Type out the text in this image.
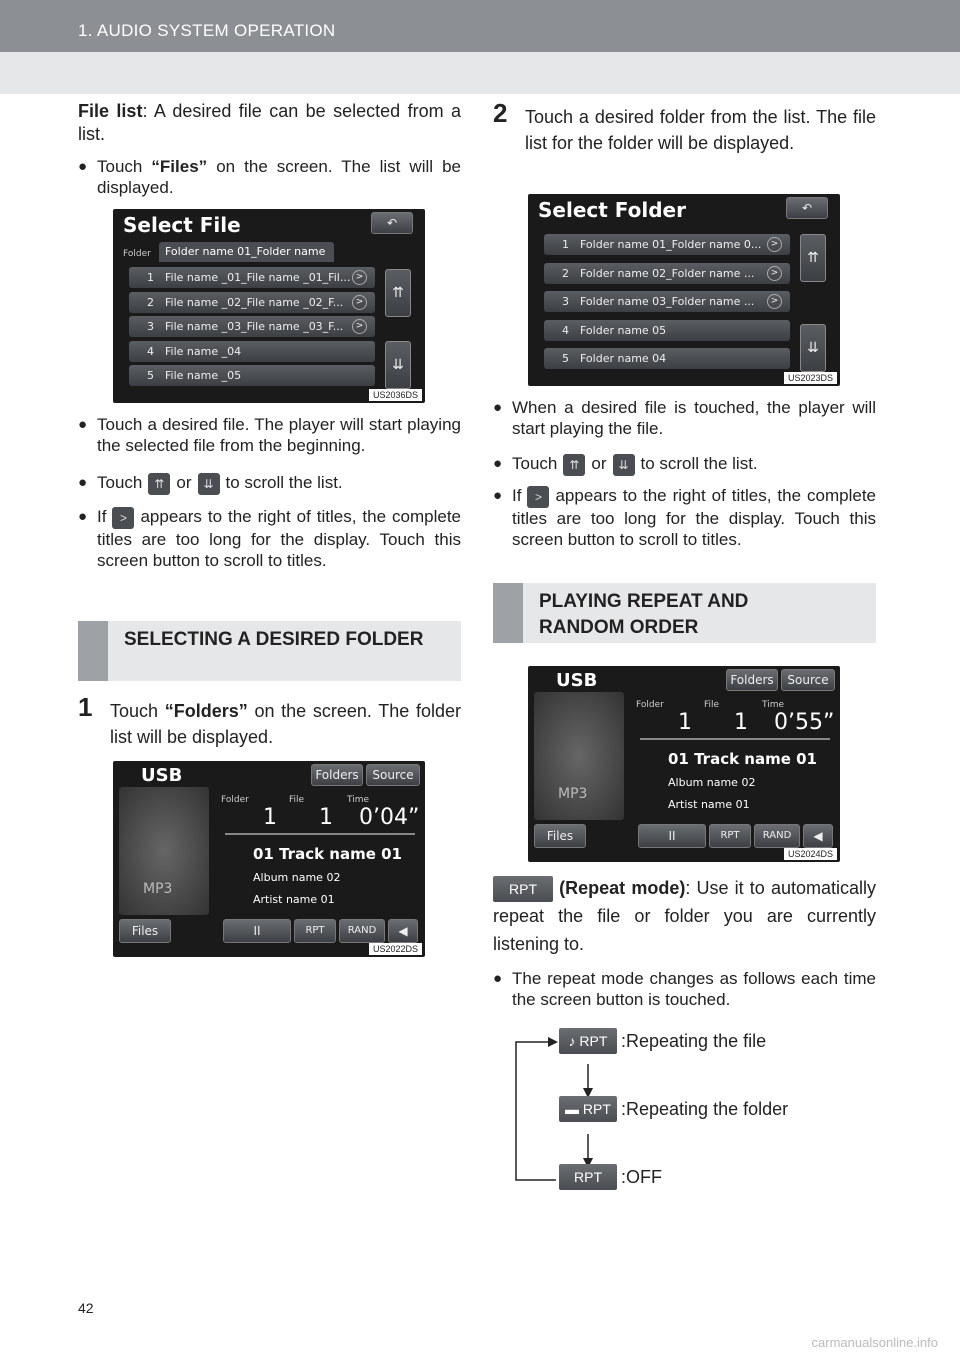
1. AUDIO SYSTEM OPERATION

File list: A desired file can be selected from a list.

● Touch “Files” on the screen. The list will be displayed.
Select File	↶
Folder	Folder name 01_Folder name
1 File name _01_File name _01_Fil... >
2 File name _02_File name _02_F...	>
3 File name _03_File name _03_F...	>
4 File name _04
5 File name _05
⇈
⇊
US2036DS
● Touch a desired file. The player will start playing the selected file from the beginning.
● Touch ⇈ or ⇊ to scroll the list.
● If > appears to the right of titles, the complete titles are too long for the display. Touch this screen button to scroll to titles.
SELECTING A DESIRED FOLDER
1 Touch “Folders” on the screen. The folder list will be displayed.
USB
MP3
Folders	Source
Folder	File	Time
1 1 0’04”
01 Track name 01
Album name 02
Artist name 01
Files	II	RPT	RAND	◀
US2022DS
2 Touch a desired folder from the list. The file list for the folder will be displayed.
Select Folder	↶
1 Folder name 01_Folder name 0...	>
2 Folder name 02_Folder name ...	>
3 Folder name 03_Folder name ...	>
4 Folder name 05
5 Folder name 04
⇈
⇊
US2023DS
● When a desired file is touched, the player will start playing the file.
● Touch ⇈ or ⇊ to scroll the list.
● If > appears to the right of titles, the complete titles are too long for the display. Touch this screen button to scroll to titles.
PLAYING REPEAT AND RANDOM ORDER
USB
MP3
Folders	Source
Folder	File	Time
1 1 0’55”
01 Track name 01
Album name 02
Artist name 01
Files	II	RPT	RAND	◀
US2024DS

RPT (Repeat mode): Use it to automatically repeat the file or folder you are currently listening to.

● The repeat mode changes as follows each time the screen button is touched.
♪ RPT :Repeating the file
▬ RPT :Repeating the folder
RPT :OFF
42
carmanualsonline.info
